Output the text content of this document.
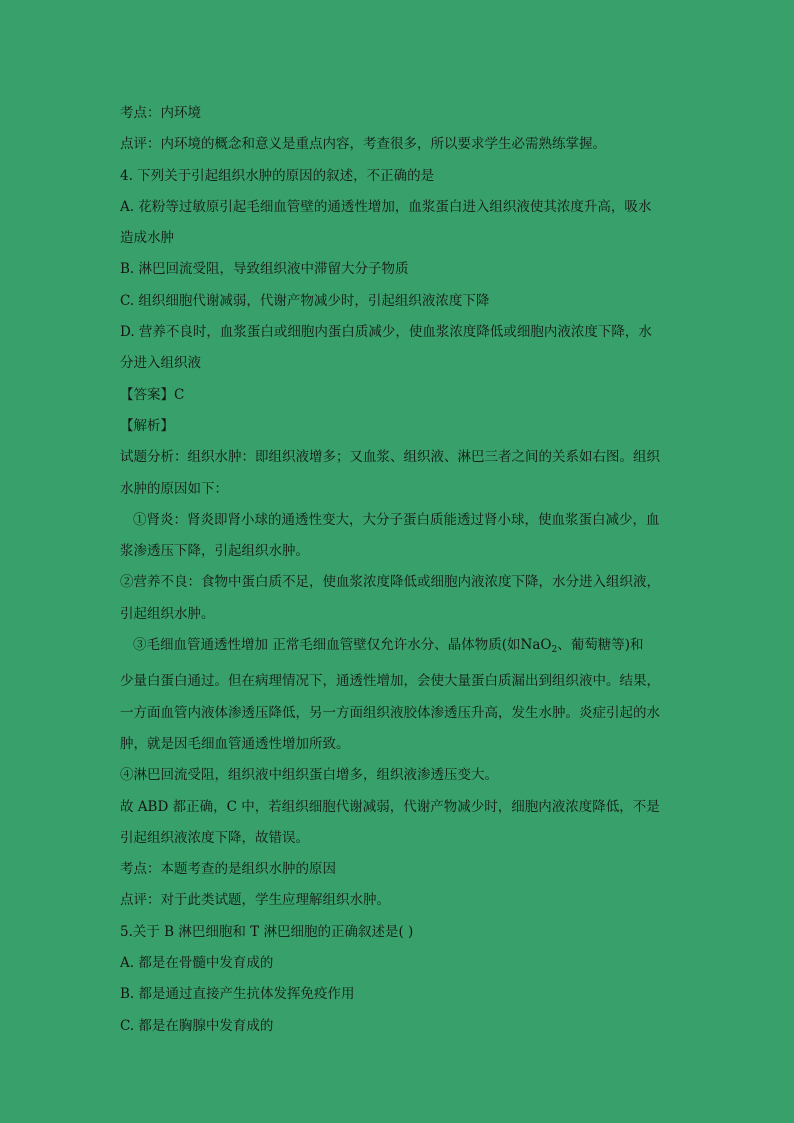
考点：内环境
点评：内环境的概念和意义是重点内容，考查很多，所以要求学生必需熟练掌握。
4. 下列关于引起组织水肿的原因的叙述，不正确的是
A. 花粉等过敏原引起毛细血管壁的通透性增加，血浆蛋白进入组织液使其浓度升高，吸水
造成水肿
B. 淋巴回流受阻，导致组织液中滞留大分子物质
C. 组织细胞代谢减弱，代谢产物减少时，引起组织液浓度下降
D. 营养不良时，血浆蛋白或细胞内蛋白质减少，使血浆浓度降低或细胞内液浓度下降，水
分进入组织液
【答案】C
【解析】
试题分析：组织水肿：即组织液增多；又血浆、组织液、淋巴三者之间的关系如右图。组织
水肿的原因如下：
①肾炎：肾炎即肾小球的通透性变大，大分子蛋白质能透过肾小球，使血浆蛋白减少，血
浆渗透压下降，引起组织水肿。
②营养不良：食物中蛋白质不足，使血浆浓度降低或细胞内液浓度下降，水分进入组织液，
引起组织水肿。
③毛细血管通透性增加 正常毛细血管壁仅允许水分、晶体物质(如NaO$_2$、葡萄糖等)和
少量白蛋白通过。但在病理情况下，通透性增加，会使大量蛋白质漏出到组织液中。结果，
一方面血管内液体渗透压降低，另一方面组织液胶体渗透压升高，发生水肿。炎症引起的水
肿，就是因毛细血管通透性增加所致。
④淋巴回流受阻，组织液中组织蛋白增多，组织液渗透压变大。
故 ABD 都正确，C 中，若组织细胞代谢减弱，代谢产物减少时，细胞内液浓度降低，不是
引起组织液浓度下降，故错误。
考点：本题考查的是组织水肿的原因
点评：对于此类试题，学生应理解组织水肿。
5.关于 B 淋巴细胞和 T 淋巴细胞的正确叙述是( )
A. 都是在骨髓中发育成的
B. 都是通过直接产生抗体发挥免疫作用
C. 都是在胸腺中发育成的
